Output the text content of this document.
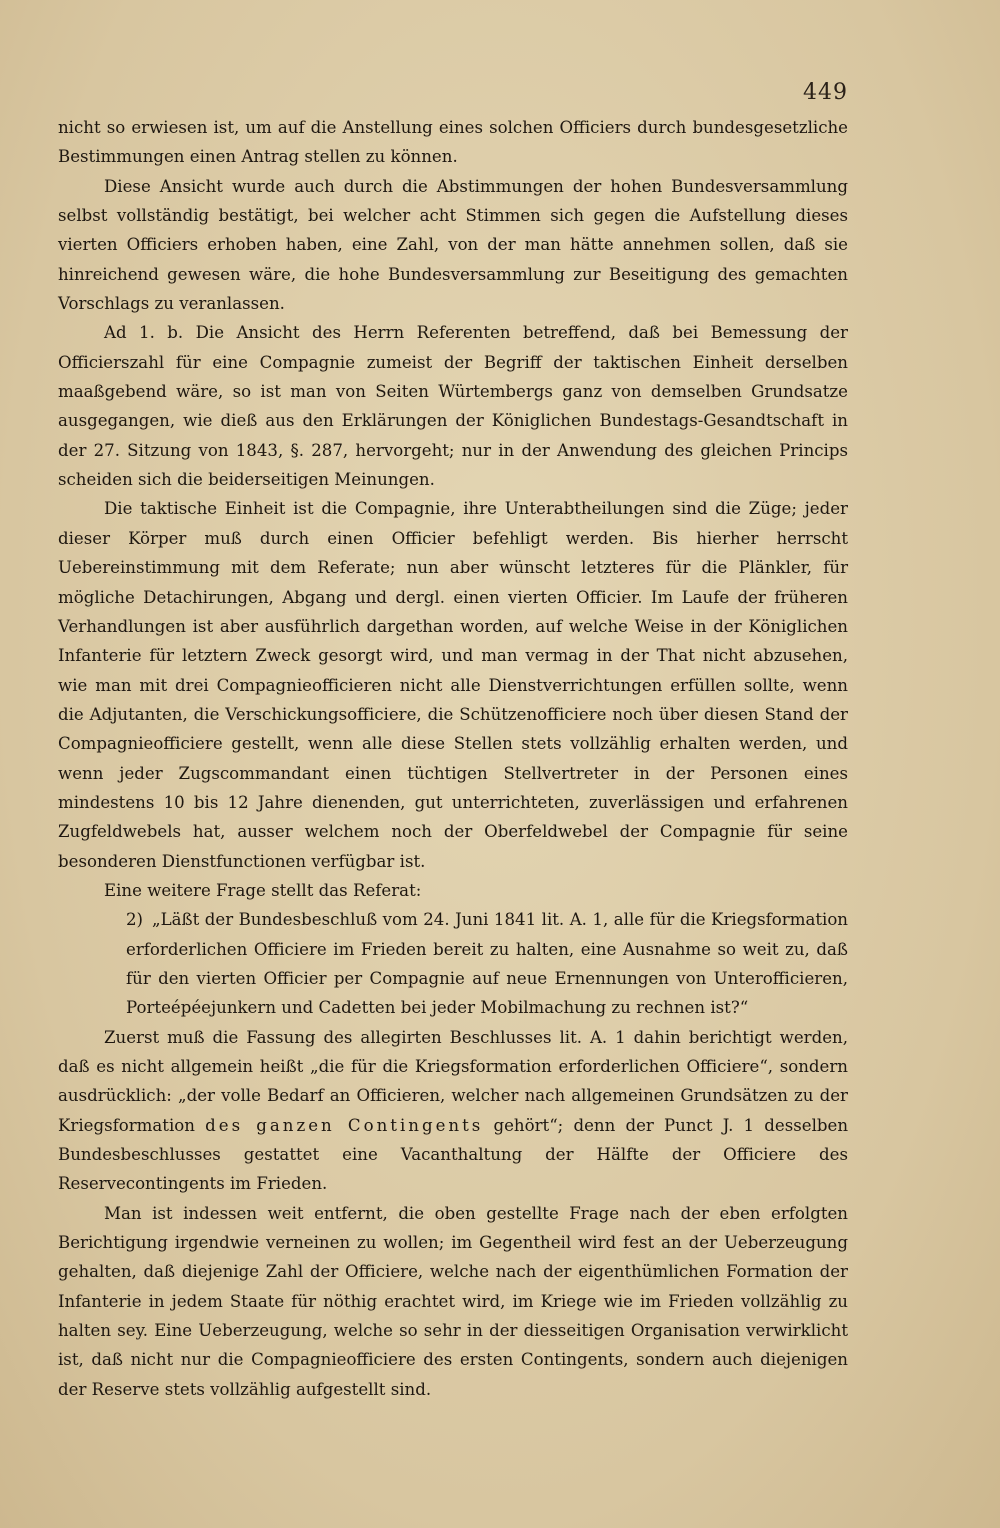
449

nicht so erwiesen ist, um auf die Anstellung eines solchen Officiers durch bundesgesetzliche Bestimmungen einen Antrag stellen zu können.

Diese Ansicht wurde auch durch die Abstimmungen der hohen Bundesversammlung selbst vollständig bestätigt, bei welcher acht Stimmen sich gegen die Aufstellung dieses vierten Officiers erhoben haben, eine Zahl, von der man hätte annehmen sollen, daß sie hinreichend gewesen wäre, die hohe Bundesversammlung zur Beseitigung des gemachten Vorschlags zu veranlassen.

Ad 1. b. Die Ansicht des Herrn Referenten betreffend, daß bei Bemessung der Officierszahl für eine Compagnie zumeist der Begriff der taktischen Einheit derselben maaßgebend wäre, so ist man von Seiten Würtembergs ganz von demselben Grundsatze ausgegangen, wie dieß aus den Erklärungen der Königlichen Bundestags-Gesandtschaft in der 27. Sitzung von 1843, §. 287, hervorgeht; nur in der Anwendung des gleichen Princips scheiden sich die beiderseitigen Meinungen.

Die taktische Einheit ist die Compagnie, ihre Unterabtheilungen sind die Züge; jeder dieser Körper muß durch einen Officier befehligt werden. Bis hierher herrscht Uebereinstimmung mit dem Referate; nun aber wünscht letzteres für die Plänkler, für mögliche Detachirungen, Abgang und dergl. einen vierten Officier. Im Laufe der früheren Verhandlungen ist aber ausführlich dargethan worden, auf welche Weise in der Königlichen Infanterie für letztern Zweck gesorgt wird, und man vermag in der That nicht abzusehen, wie man mit drei Compagnieofficieren nicht alle Dienstverrichtungen erfüllen sollte, wenn die Adjutanten, die Verschickungsofficiere, die Schützenofficiere noch über diesen Stand der Compagnieofficiere gestellt, wenn alle diese Stellen stets vollzählig erhalten werden, und wenn jeder Zugscommandant einen tüchtigen Stellvertreter in der Personen eines mindestens 10 bis 12 Jahre dienenden, gut unterrichteten, zuverlässigen und erfahrenen Zugfeldwebels hat, ausser welchem noch der Oberfeldwebel der Compagnie für seine besonderen Dienstfunctionen verfügbar ist.

Eine weitere Frage stellt das Referat:

2) „Läßt der Bundesbeschluß vom 24. Juni 1841 lit. A. 1, alle für die Kriegsformation erforderlichen Officiere im Frieden bereit zu halten, eine Ausnahme so weit zu, daß für den vierten Officier per Compagnie auf neue Ernennungen von Unterofficieren, Porteépéejunkern und Cadetten bei jeder Mobilmachung zu rechnen ist?“

Zuerst muß die Fassung des allegirten Beschlusses lit. A. 1 dahin berichtigt werden, daß es nicht allgemein heißt „die für die Kriegsformation erforderlichen Officiere“, sondern ausdrücklich: „der volle Bedarf an Officieren, welcher nach allgemeinen Grundsätzen zu der Kriegsformation des ganzen Contingents gehört“; denn der Punct J. 1 desselben Bundesbeschlusses gestattet eine Vacanthaltung der Hälfte der Officiere des Reservecontingents im Frieden.

Man ist indessen weit entfernt, die oben gestellte Frage nach der eben erfolgten Berichtigung irgendwie verneinen zu wollen; im Gegentheil wird fest an der Ueberzeugung gehalten, daß diejenige Zahl der Officiere, welche nach der eigenthümlichen Formation der Infanterie in jedem Staate für nöthig erachtet wird, im Kriege wie im Frieden vollzählig zu halten sey. Eine Ueberzeugung, welche so sehr in der diesseitigen Organisation verwirklicht ist, daß nicht nur die Compagnieofficiere des ersten Contingents, sondern auch diejenigen der Reserve stets vollzählig aufgestellt sind.
